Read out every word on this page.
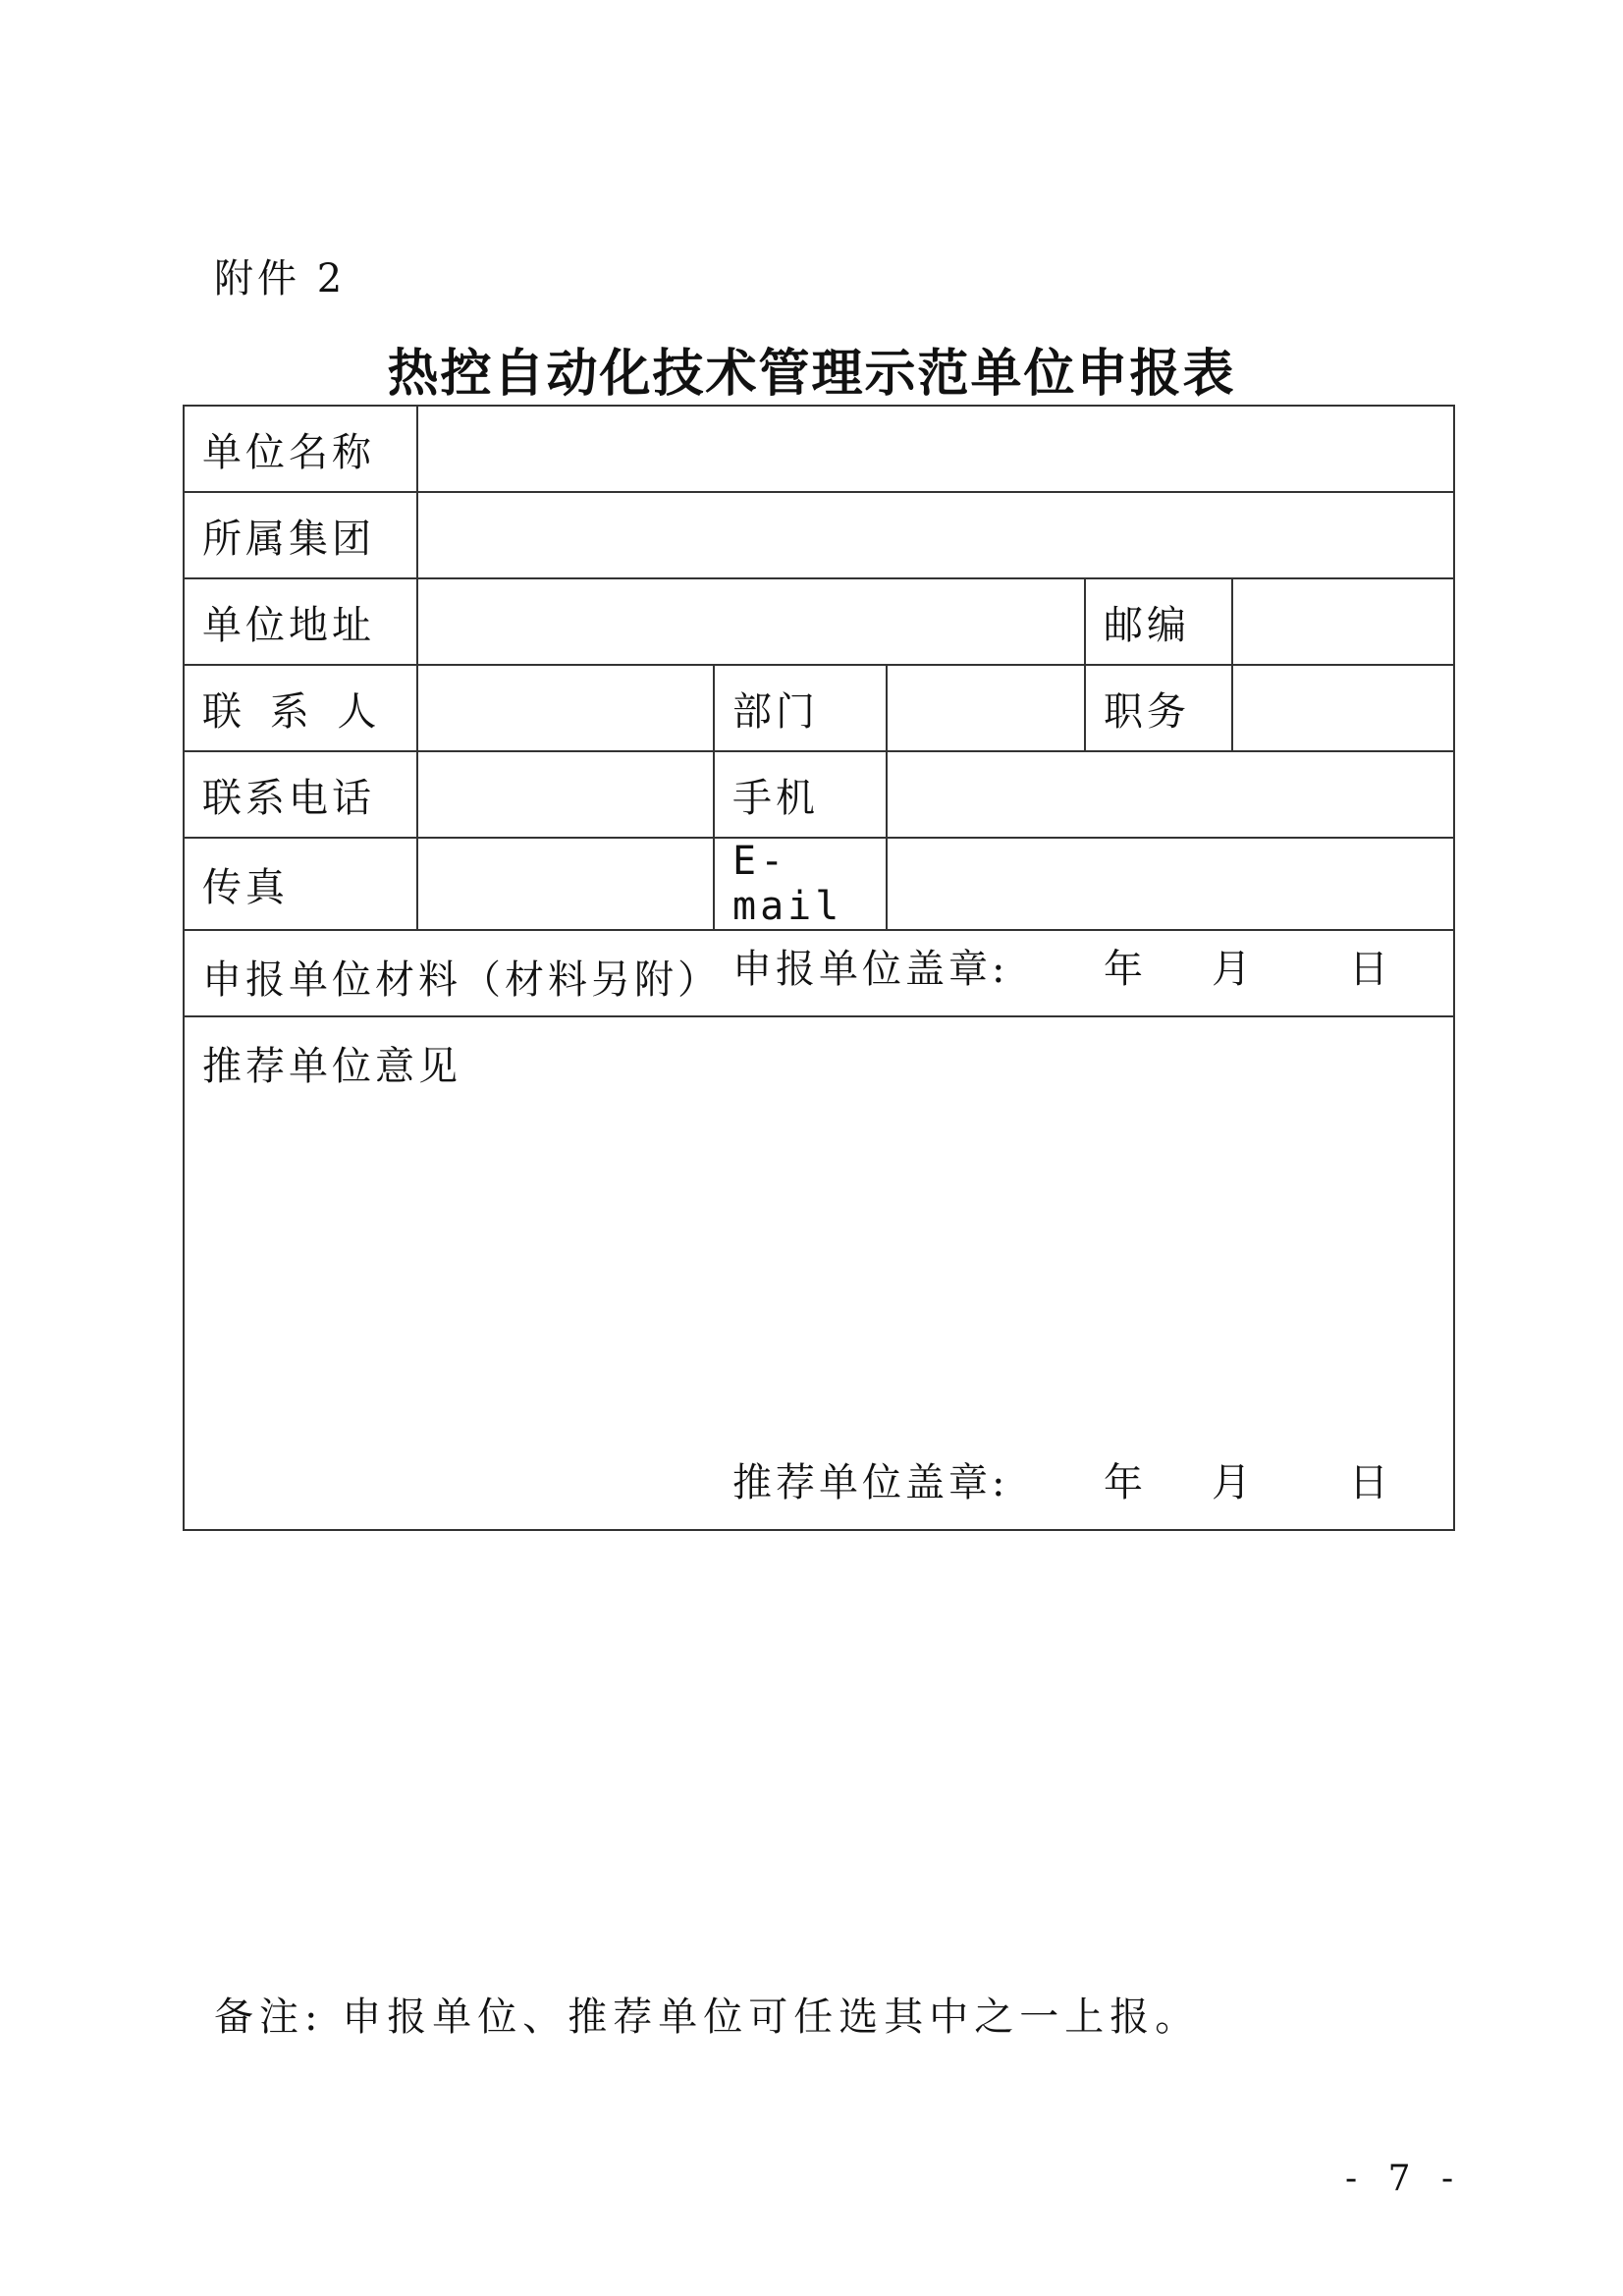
附件 2
热控自动化技术管理示范单位申报表
单位名称					
所属集团					
单位地址				邮编	
联 系 人		部门		职务	
联系电话		手机			
传真		E-mail			

申报单位材料（材料另附） 申报单位盖章: 年 月 日					

推荐单位意见
推荐单位盖章: 年 月 日					
备注: 申报单位、推荐单位可任选其中之一上报。
- 7 -
